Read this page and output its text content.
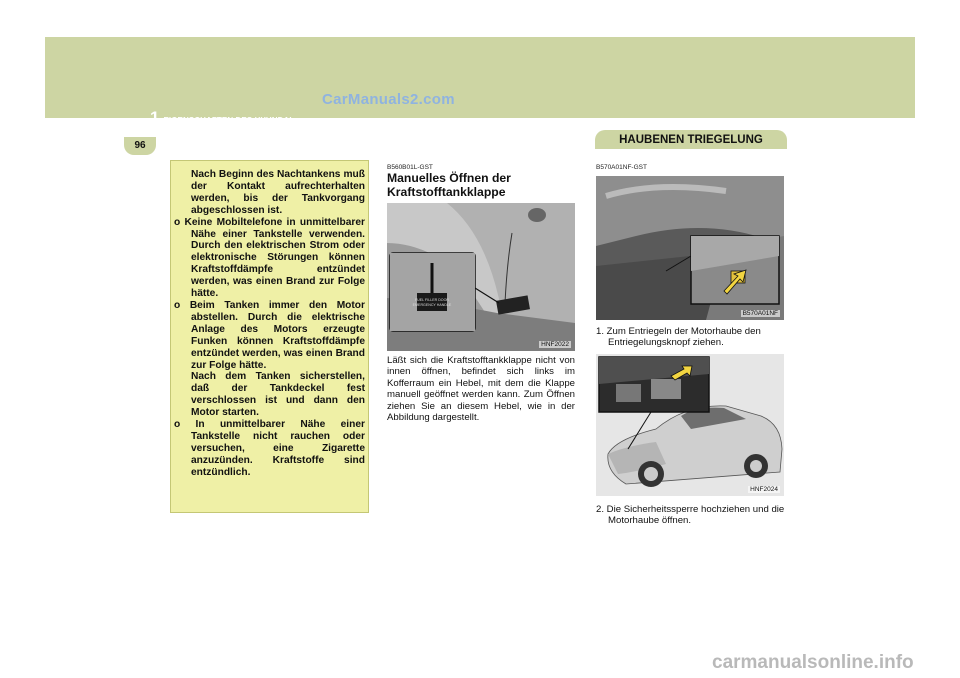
CarManuals2.com
1 EIGENSCHAFTEN DES HYUNDAI
96	HAUBENEN TRIEGELUNG

Nach Beginn des Nachtankens muß der Kontakt aufrechterhalten werden, bis der Tankvorgang abgeschlossen ist.

o Keine Mobiltelefone in unmittelbarer Nähe einer Tankstelle verwenden. Durch den elektrischen Strom oder elektronische Störungen können Kraftstoffdämpfe entzündet werden, was einen Brand zur Folge hätte.

o Beim Tanken immer den Motor abstellen. Durch die elektrische Anlage des Motors erzeugte Funken können Kraftstoffdämpfe entzündet werden, was einen Brand zur Folge hätte.

Nach dem Tanken sicherstellen, daß der Tankdeckel fest verschlossen ist und dann den Motor starten.

o In unmittelbarer Nähe einer Tankstelle nicht rauchen oder versuchen, eine Zigarette anzuzünden. Kraftstoffe sind entzündlich.

B560B01L-GST
Manuelles Öffnen der Kraftstofftankklappe
FUEL FILLER DOOR
EMERGENCY HANDLE
HNF2022
Läßt sich die Kraftstofftankklappe nicht von innen öffnen, befindet sich links im Kofferraum ein Hebel, mit dem die Klappe manuell geöffnet werden kann. Zum Öffnen ziehen Sie an diesem Hebel, wie in der Abbildung dargestellt.
B570A01NF-GST
B570A01NF
1. Zum Entriegeln der Motorhaube den Entriegelungsknopf ziehen.
HNF2024
2. Die Sicherheitssperre hochziehen und die Motorhaube öffnen.
carmanualsonline.info
